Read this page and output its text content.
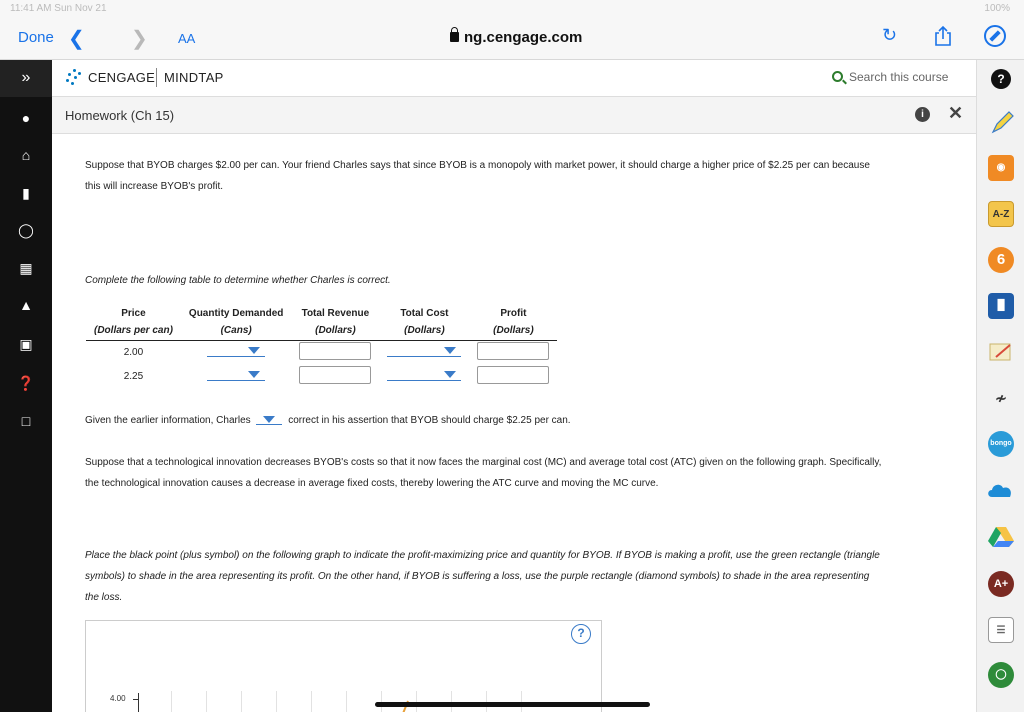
11:41 AM Sun Nov 21	100%
Done ❮ ❯ AA	ng.cengage.com	↻
»
●
⌂
▮
◯
▦
▲
▣
❓
□
CENGAGE MINDTAP	Search this course	?
◉
A-Z
6
█
≁
bongo
A+
☰
◯
Homework (Ch 15)	i	✕

Suppose that BYOB charges $2.00 per can. Your friend Charles says that since BYOB is a monopoly with market power, it should charge a higher price of $2.25 per can because this will increase BYOB's profit.

Complete the following table to determine whether Charles is correct.

Price	Quantity Demanded	Total Revenue	Total Cost	Profit
(Dollars per can)	(Cans)	(Dollars)	(Dollars)	(Dollars)
2.00				
2.25				

Given the earlier information, Charles	correct in his assertion that BYOB should charge $2.25 per can.

Suppose that a technological innovation decreases BYOB's costs so that it now faces the marginal cost (MC) and average total cost (ATC) given on the following graph. Specifically, the technological innovation causes a decrease in average fixed costs, thereby lowering the ATC curve and moving the MC curve.

Place the black point (plus symbol) on the following graph to indicate the profit-maximizing price and quantity for BYOB. If BYOB is making a profit, use the green rectangle (triangle symbols) to shade in the area representing its profit. On the other hand, if BYOB is suffering a loss, use the purple rectangle (diamond symbols) to shade in the area representing the loss.

?
4.00
